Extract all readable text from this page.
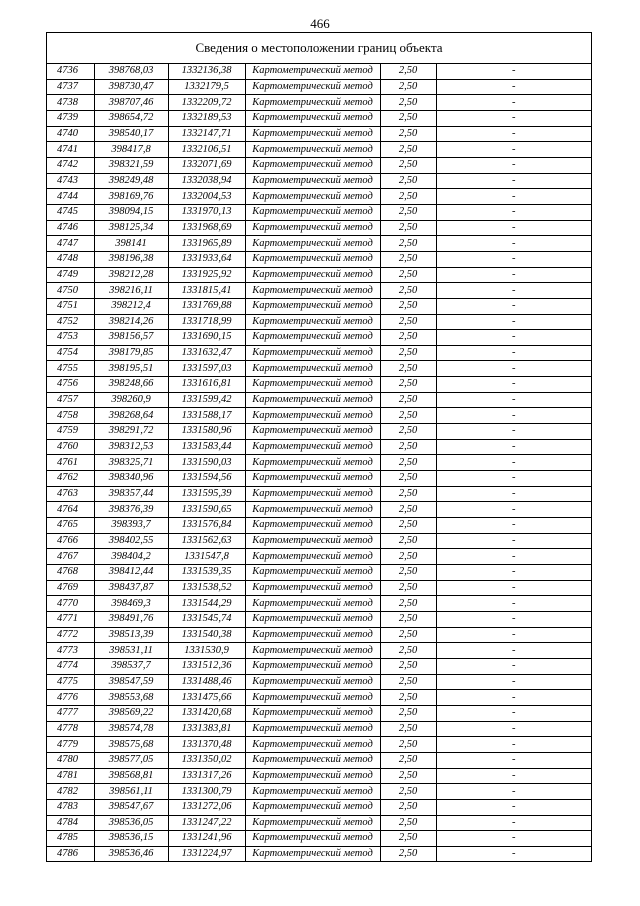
466
Сведения о местоположении границ объекта
4736	398768,03	1332136,38	Картометрический метод	2,50	-
4737	398730,47	1332179,5	Картометрический метод	2,50	-
4738	398707,46	1332209,72	Картометрический метод	2,50	-
4739	398654,72	1332189,53	Картометрический метод	2,50	-
4740	398540,17	1332147,71	Картометрический метод	2,50	-
4741	398417,8	1332106,51	Картометрический метод	2,50	-
4742	398321,59	1332071,69	Картометрический метод	2,50	-
4743	398249,48	1332038,94	Картометрический метод	2,50	-
4744	398169,76	1332004,53	Картометрический метод	2,50	-
4745	398094,15	1331970,13	Картометрический метод	2,50	-
4746	398125,34	1331968,69	Картометрический метод	2,50	-
4747	398141	1331965,89	Картометрический метод	2,50	-
4748	398196,38	1331933,64	Картометрический метод	2,50	-
4749	398212,28	1331925,92	Картометрический метод	2,50	-
4750	398216,11	1331815,41	Картометрический метод	2,50	-
4751	398212,4	1331769,88	Картометрический метод	2,50	-
4752	398214,26	1331718,99	Картометрический метод	2,50	-
4753	398156,57	1331690,15	Картометрический метод	2,50	-
4754	398179,85	1331632,47	Картометрический метод	2,50	-
4755	398195,51	1331597,03	Картометрический метод	2,50	-
4756	398248,66	1331616,81	Картометрический метод	2,50	-
4757	398260,9	1331599,42	Картометрический метод	2,50	-
4758	398268,64	1331588,17	Картометрический метод	2,50	-
4759	398291,72	1331580,96	Картометрический метод	2,50	-
4760	398312,53	1331583,44	Картометрический метод	2,50	-
4761	398325,71	1331590,03	Картометрический метод	2,50	-
4762	398340,96	1331594,56	Картометрический метод	2,50	-
4763	398357,44	1331595,39	Картометрический метод	2,50	-
4764	398376,39	1331590,65	Картометрический метод	2,50	-
4765	398393,7	1331576,84	Картометрический метод	2,50	-
4766	398402,55	1331562,63	Картометрический метод	2,50	-
4767	398404,2	1331547,8	Картометрический метод	2,50	-
4768	398412,44	1331539,35	Картометрический метод	2,50	-
4769	398437,87	1331538,52	Картометрический метод	2,50	-
4770	398469,3	1331544,29	Картометрический метод	2,50	-
4771	398491,76	1331545,74	Картометрический метод	2,50	-
4772	398513,39	1331540,38	Картометрический метод	2,50	-
4773	398531,11	1331530,9	Картометрический метод	2,50	-
4774	398537,7	1331512,36	Картометрический метод	2,50	-
4775	398547,59	1331488,46	Картометрический метод	2,50	-
4776	398553,68	1331475,66	Картометрический метод	2,50	-
4777	398569,22	1331420,68	Картометрический метод	2,50	-
4778	398574,78	1331383,81	Картометрический метод	2,50	-
4779	398575,68	1331370,48	Картометрический метод	2,50	-
4780	398577,05	1331350,02	Картометрический метод	2,50	-
4781	398568,81	1331317,26	Картометрический метод	2,50	-
4782	398561,11	1331300,79	Картометрический метод	2,50	-
4783	398547,67	1331272,06	Картометрический метод	2,50	-
4784	398536,05	1331247,22	Картометрический метод	2,50	-
4785	398536,15	1331241,96	Картометрический метод	2,50	-
4786	398536,46	1331224,97	Картометрический метод	2,50	-
